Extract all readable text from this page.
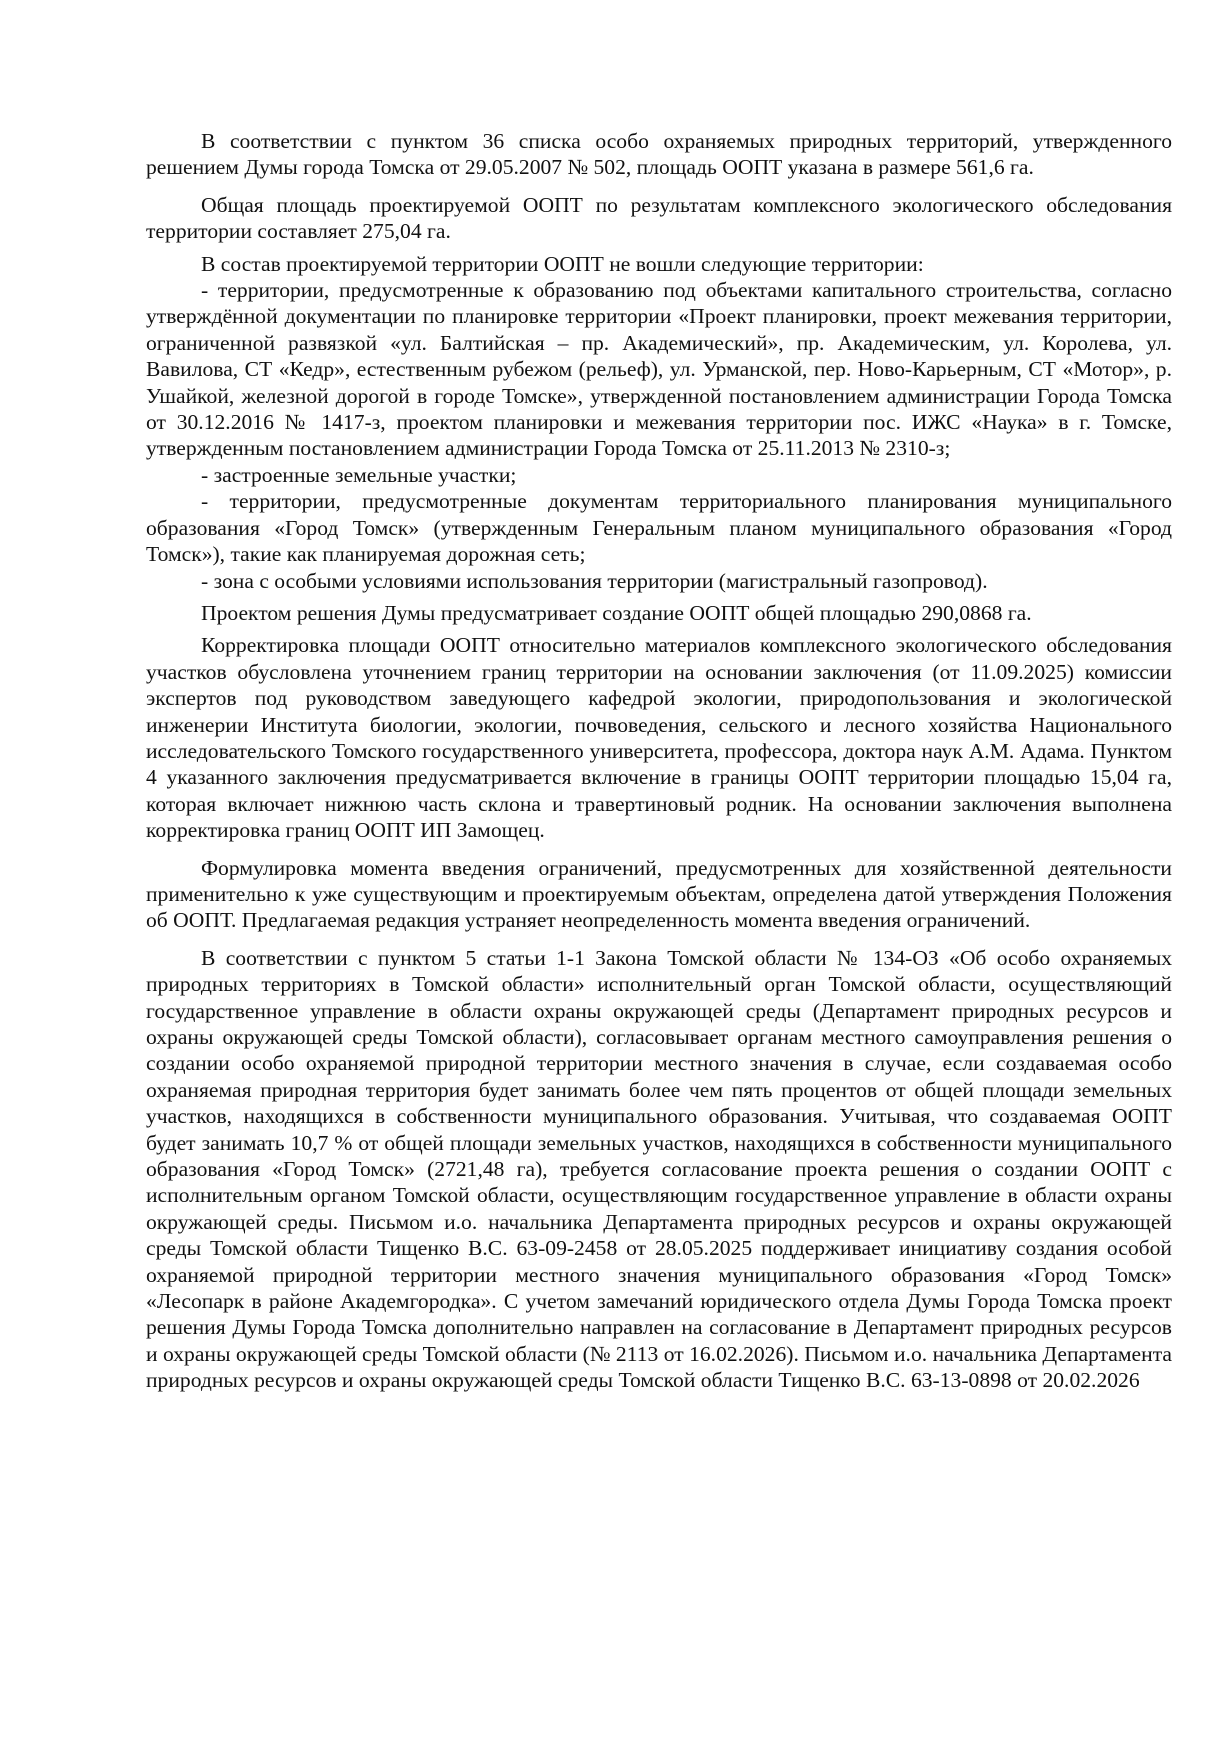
В соответствии с пунктом 36 списка особо охраняемых природных территорий, утвержденного решением Думы города Томска от 29.05.2007 № 502, площадь ООПТ указана в размере 561,6 га.

Общая площадь проектируемой ООПТ по результатам комплексного экологического обследования территории составляет 275,04 га.

В состав проектируемой территории ООПТ не вошли следующие территории:

- территории, предусмотренные к образованию под объектами капитального строительства, согласно утверждённой документации по планировке территории «Проект планировки, проект межевания территории, ограниченной развязкой «ул. Балтийская – пр. Академический», пр. Академическим, ул. Королева, ул. Вавилова, СТ «Кедр», естественным рубежом (рельеф), ул. Урманской, пер. Ново-Карьерным, СТ «Мотор», р. Ушайкой, железной дорогой в городе Томске», утвержденной постановлением администрации Города Томска от 30.12.2016 № 1417-з, проектом планировки и межевания территории пос. ИЖС «Наука» в г. Томске, утвержденным постановлением администрации Города Томска от 25.11.2013 № 2310-з;

- застроенные земельные участки;

- территории, предусмотренные документам территориального планирования муниципального образования «Город Томск» (утвержденным Генеральным планом муниципального образования «Город Томск»), такие как планируемая дорожная сеть;

- зона с особыми условиями использования территории (магистральный газопровод).

Проектом решения Думы предусматривает создание ООПТ общей площадью 290,0868 га.

Корректировка площади ООПТ относительно материалов комплексного экологического обследования участков обусловлена уточнением границ территории на основании заключения (от 11.09.2025) комиссии экспертов под руководством заведующего кафедрой экологии, природопользования и экологической инженерии Института биологии, экологии, почвоведения, сельского и лесного хозяйства Национального исследовательского Томского государственного университета, профессора, доктора наук А.М. Адама. Пунктом 4 указанного заключения предусматривается включение в границы ООПТ территории площадью 15,04 га, которая включает нижнюю часть склона и травертиновый родник. На основании заключения выполнена корректировка границ ООПТ ИП Замощец.

Формулировка момента введения ограничений, предусмотренных для хозяйственной деятельности применительно к уже существующим и проектируемым объектам, определена датой утверждения Положения об ООПТ. Предлагаемая редакция устраняет неопределенность момента введения ограничений.

В соответствии с пунктом 5 статьи 1-1 Закона Томской области № 134-ОЗ «Об особо охраняемых природных территориях в Томской области» исполнительный орган Томской области, осуществляющий государственное управление в области охраны окружающей среды (Департамент природных ресурсов и охраны окружающей среды Томской области), согласовывает органам местного самоуправления решения о создании особо охраняемой природной территории местного значения в случае, если создаваемая особо охраняемая природная территория будет занимать более чем пять процентов от общей площади земельных участков, находящихся в собственности муниципального образования. Учитывая, что создаваемая ООПТ будет занимать 10,7 % от общей площади земельных участков, находящихся в собственности муниципального образования «Город Томск» (2721,48 га), требуется согласование проекта решения о создании ООПТ с исполнительным органом Томской области, осуществляющим государственное управление в области охраны окружающей среды. Письмом и.о. начальника Департамента природных ресурсов и охраны окружающей среды Томской области Тищенко В.С. 63-09-2458 от 28.05.2025 поддерживает инициативу создания особой охраняемой природной территории местного значения муниципального образования «Город Томск» «Лесопарк в районе Академгородка». С учетом замечаний юридического отдела Думы Города Томска проект решения Думы Города Томска дополнительно направлен на согласование в Департамент природных ресурсов и охраны окружающей среды Томской области (№ 2113 от 16.02.2026). Письмом и.о. начальника Департамента природных ресурсов и охраны окружающей среды Томской области Тищенко В.С. 63-13-0898 от 20.02.2026
